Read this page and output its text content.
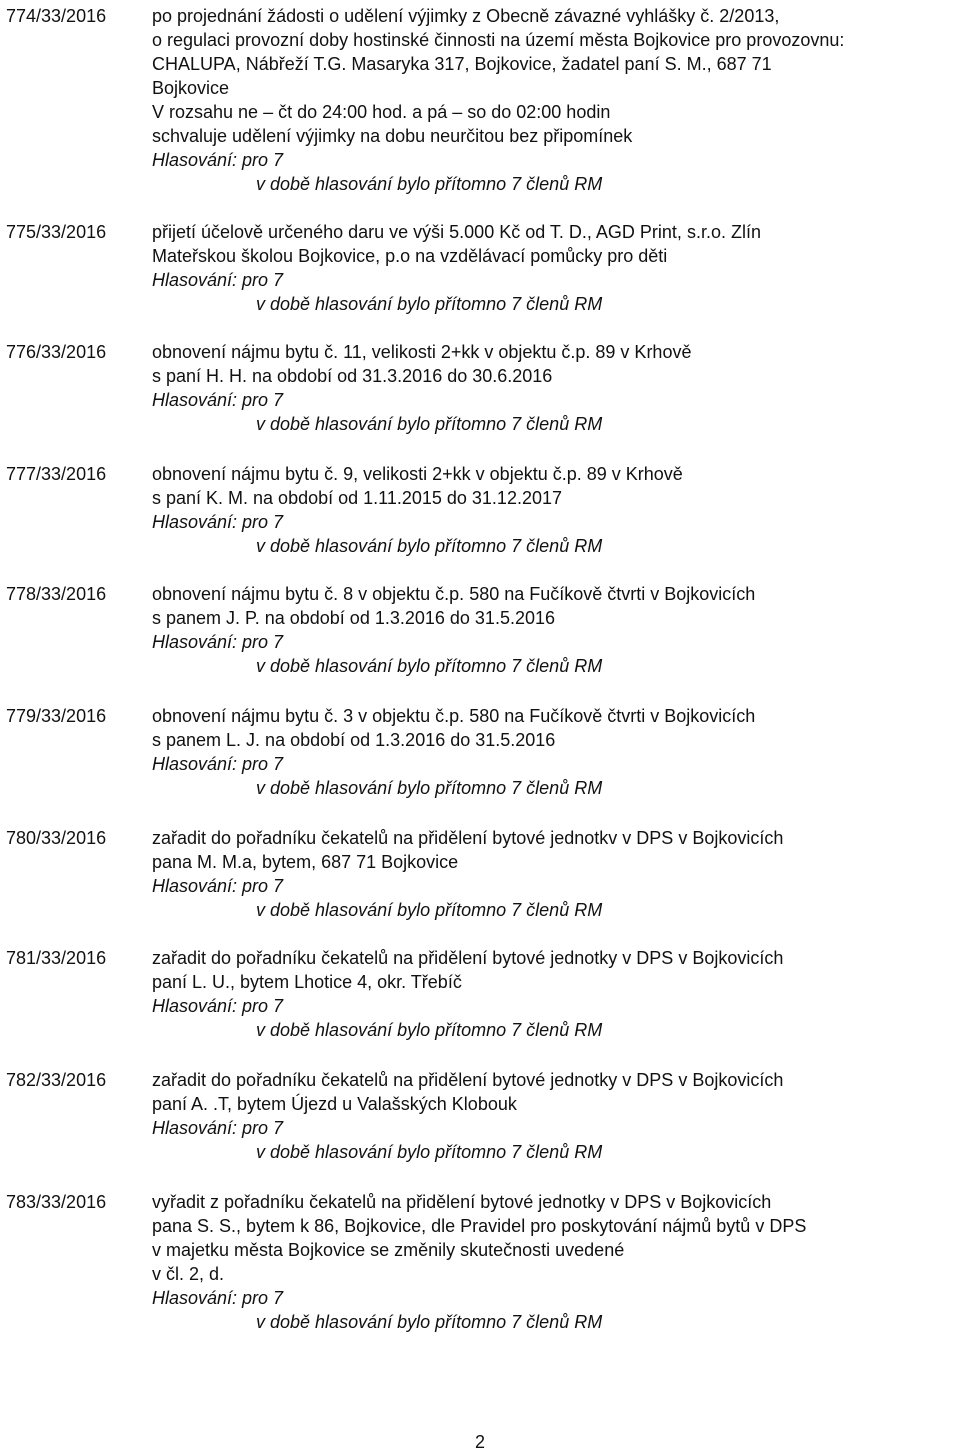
774/33/2016	po projednání žádosti o udělení výjimky z Obecně závazné vyhlášky č. 2/2013,
o regulaci provozní doby hostinské činnosti na území města Bojkovice pro provozovnu:
CHALUPA, Nábřeží T.G. Masaryka 317, Bojkovice, žadatel paní S. M., 687 71
Bojkovice
V rozsahu ne – čt do 24:00 hod. a pá – so do 02:00 hodin
schvaluje udělení výjimky na dobu neurčitou bez připomínek
Hlasování: pro 7
v době hlasování bylo přítomno 7 členů RM
775/33/2016	přijetí účelově určeného daru ve výši 5.000 Kč od T. D., AGD Print, s.r.o. Zlín
Mateřskou školou Bojkovice, p.o na vzdělávací pomůcky pro děti
Hlasování: pro 7
v době hlasování bylo přítomno 7 členů RM
776/33/2016	obnovení nájmu bytu č. 11, velikosti 2+kk v objektu č.p. 89 v Krhově
s paní H. H. na období od 31.3.2016 do 30.6.2016
Hlasování: pro 7
v době hlasování bylo přítomno 7 členů RM
777/33/2016	obnovení nájmu bytu č. 9, velikosti 2+kk v objektu č.p. 89 v Krhově
s paní K. M. na období od 1.11.2015 do 31.12.2017
Hlasování: pro 7
v době hlasování bylo přítomno 7 členů RM
778/33/2016	obnovení nájmu bytu č. 8 v objektu č.p. 580 na Fučíkově čtvrti v Bojkovicích
s panem J. P. na období od 1.3.2016 do 31.5.2016
Hlasování: pro 7
v době hlasování bylo přítomno 7 členů RM
779/33/2016	obnovení nájmu bytu č. 3 v objektu č.p. 580 na Fučíkově čtvrti v Bojkovicích
s panem L. J. na období od 1.3.2016 do 31.5.2016
Hlasování: pro 7
v době hlasování bylo přítomno 7 členů RM
780/33/2016	zařadit do pořadníku čekatelů na přidělení bytové jednotkv v DPS v Bojkovicích
pana M. M.a, bytem, 687 71 Bojkovice
Hlasování: pro 7
v době hlasování bylo přítomno 7 členů RM
781/33/2016	zařadit do pořadníku čekatelů na přidělení bytové jednotky v DPS v Bojkovicích
paní L. U., bytem Lhotice 4, okr. Třebíč
Hlasování: pro 7
v době hlasování bylo přítomno 7 členů RM
782/33/2016	zařadit do pořadníku čekatelů na přidělení bytové jednotky v DPS v Bojkovicích
paní A. .T, bytem Újezd u Valašských Klobouk
Hlasování: pro 7
v době hlasování bylo přítomno 7 členů RM
783/33/2016	vyřadit z pořadníku čekatelů na přidělení bytové jednotky v DPS v Bojkovicích
pana S. S., bytem k 86, Bojkovice, dle Pravidel pro poskytování nájmů bytů v DPS
v majetku města Bojkovice se změnily skutečnosti uvedené
v čl. 2, d.
Hlasování: pro 7
v době hlasování bylo přítomno 7 členů RM
2
